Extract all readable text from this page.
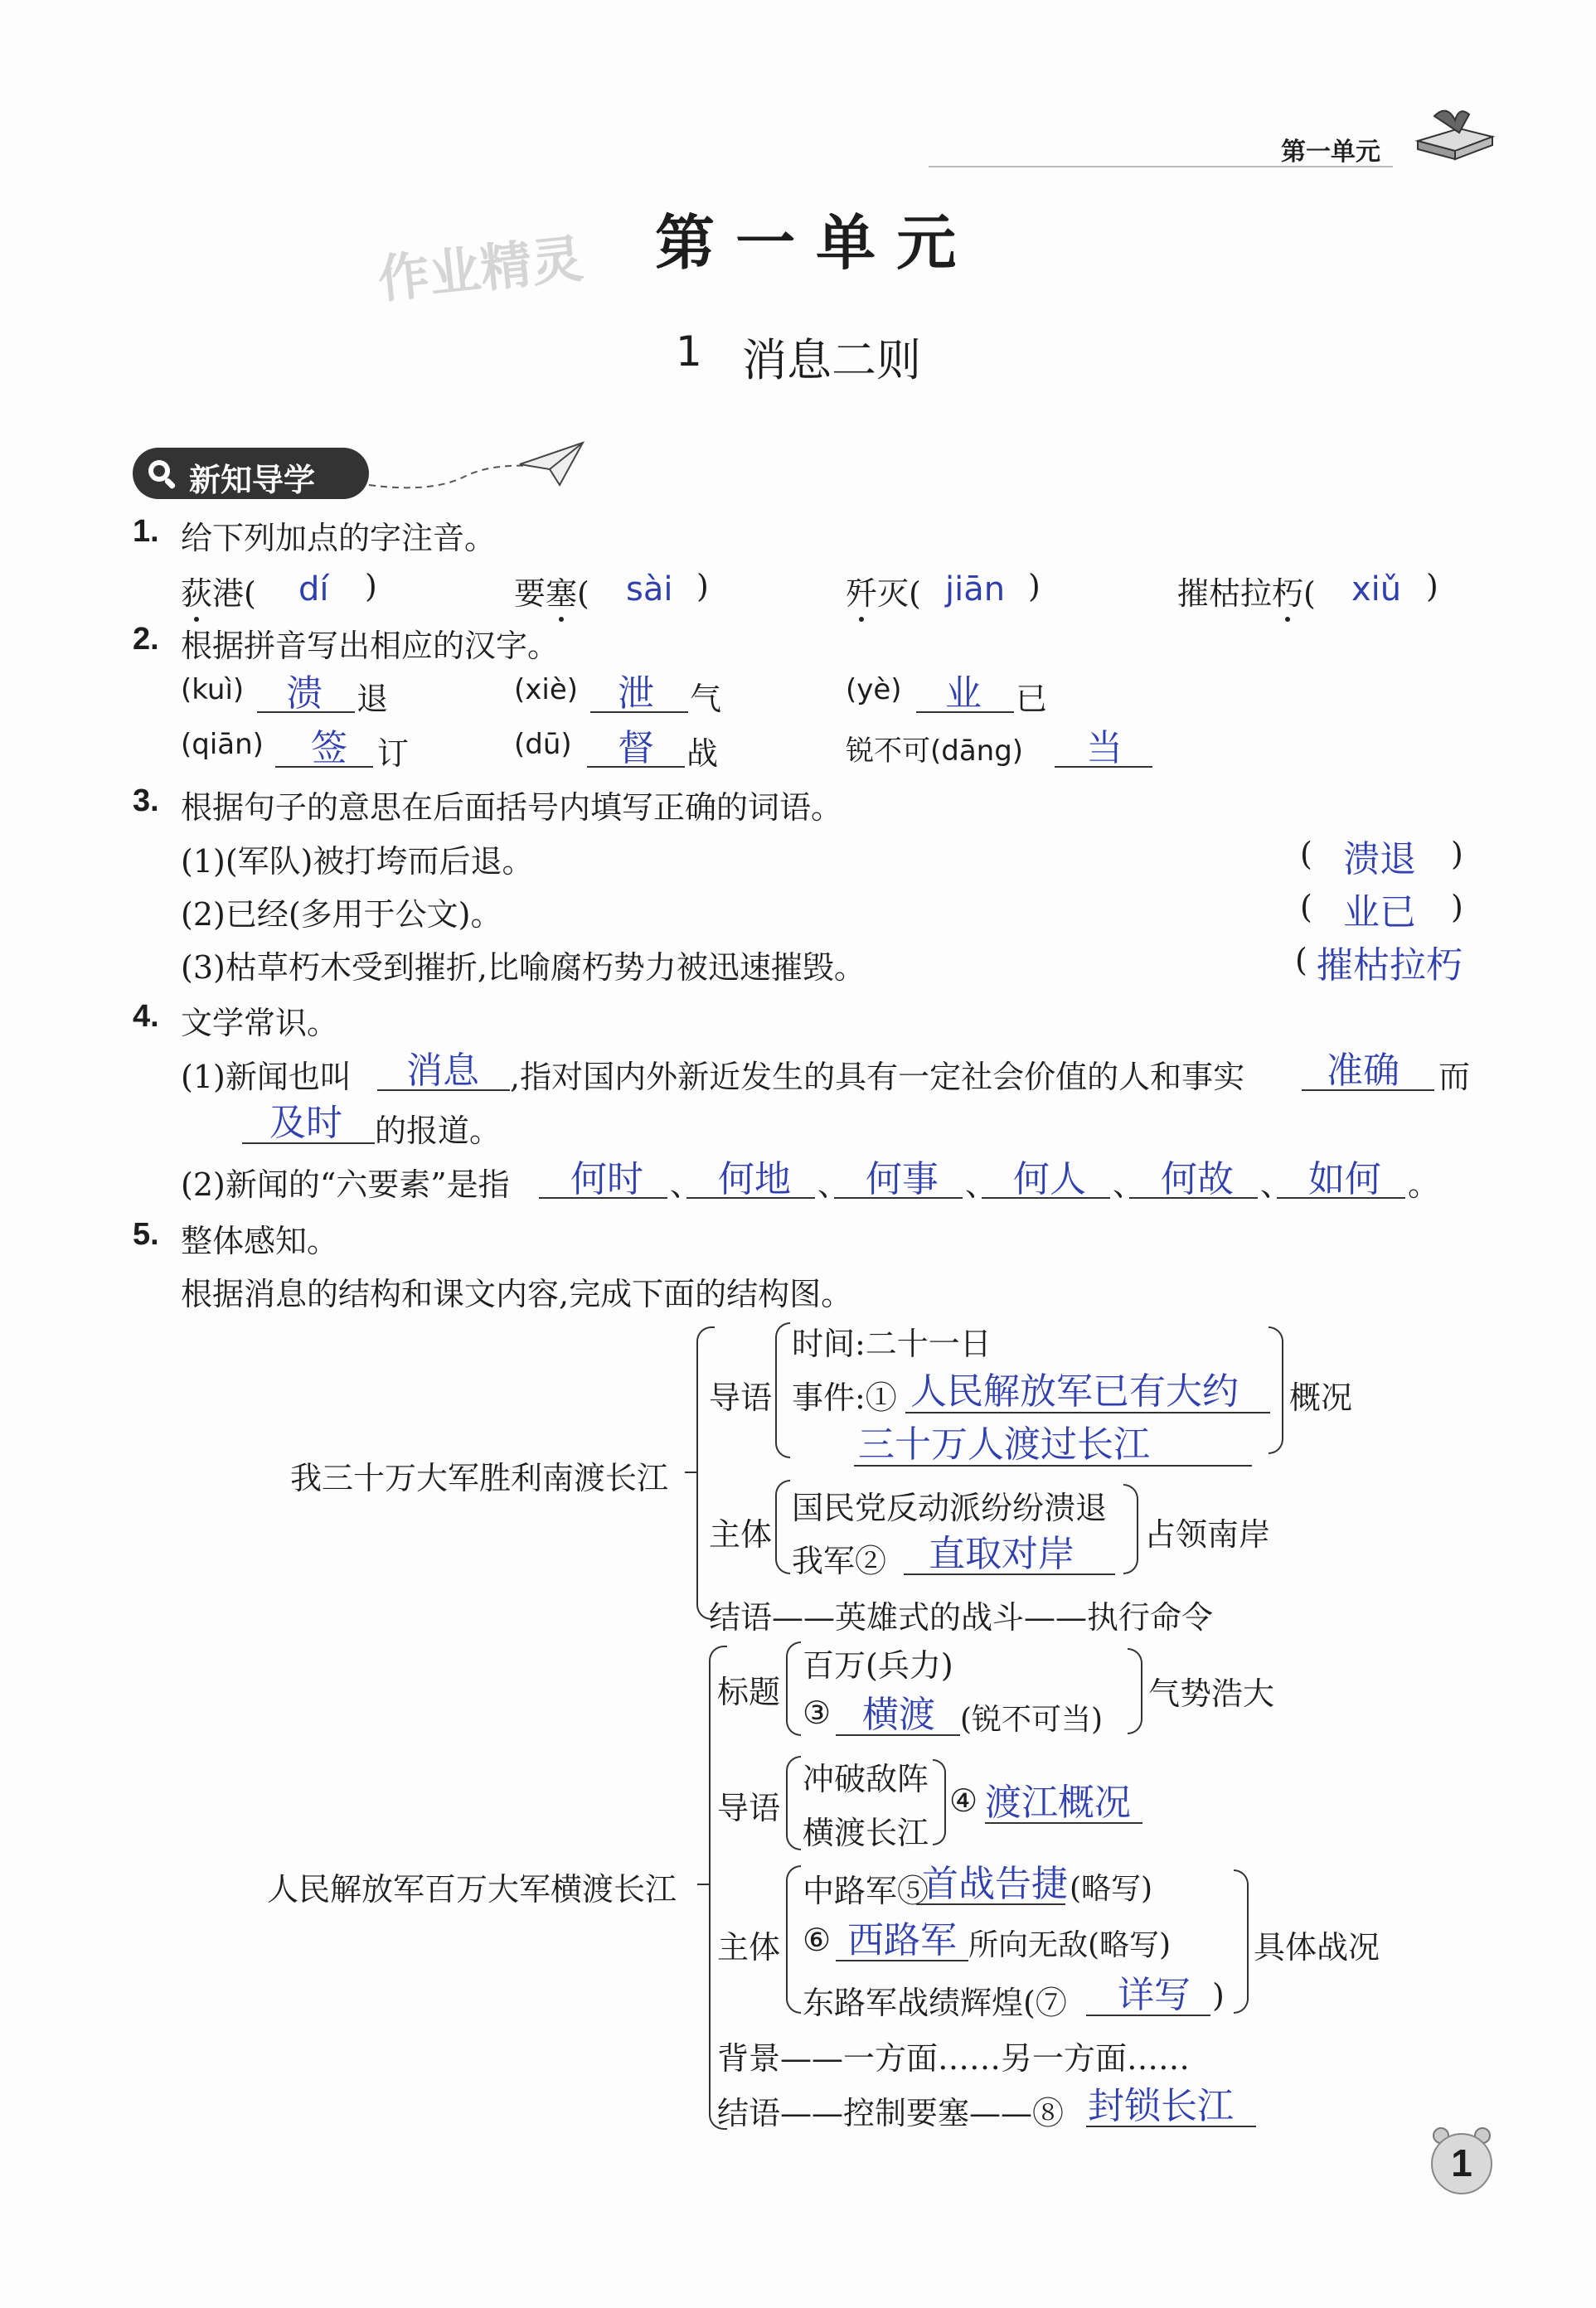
第一单元
作业精灵 第 一 单 元
1 消息二则
新知导学
1. 给下列加点的字注音。
荻港( dí )	要塞( sài )	歼灭( jiān )	摧枯拉朽( xiǔ )
2. 根据拼音写出相应的汉字。
(kuì) 溃 退	(xiè) 泄 气	(yè) 业 已
(qiān) 签 订	(dū) 督 战	锐不可(dāng) 当
3. 根据句子的意思在后面括号内填写正确的词语。
(1)(军队)被打垮而后退。	( 溃退 )
(2)已经(多用于公文)。	( 业已 )
(3)枯草朽木受到摧折,比喻腐朽势力被迅速摧毁。	( 摧枯拉朽
4. 文学常识。
(1)新闻也叫 消息 ,指对国内外新近发生的具有一定社会价值的人和事实 准确 而
及时 的报道。
(2)新闻的“六要素”是指 何时 、 何地 、 何事 、 何人 、 何故 、 如何 。
5. 整体感知。
根据消息的结构和课文内容,完成下面的结构图。
我三十万大军胜利南渡长江
导语
时间:二十一日
事件:① 人民解放军已有大约
三十万人渡过长江
概况
主体
国民党反动派纷纷溃退
我军② 直取对岸 占领南岸
结语——英雄式的战斗——执行命令
人民解放军百万大军横渡长江
标题
百万(兵力)
③ 横渡 (锐不可当)
气势浩大
导语
冲破敌阵
横渡长江
④ 渡江概况
主体
中路军⑤
首战告捷 (略写)
⑥ 西路军 所向无敌(略写)
东路军战绩辉煌(⑦ 详写 )
具体战况
背景——一方面……另一方面……
结语——控制要塞——⑧ 封锁长江
1
